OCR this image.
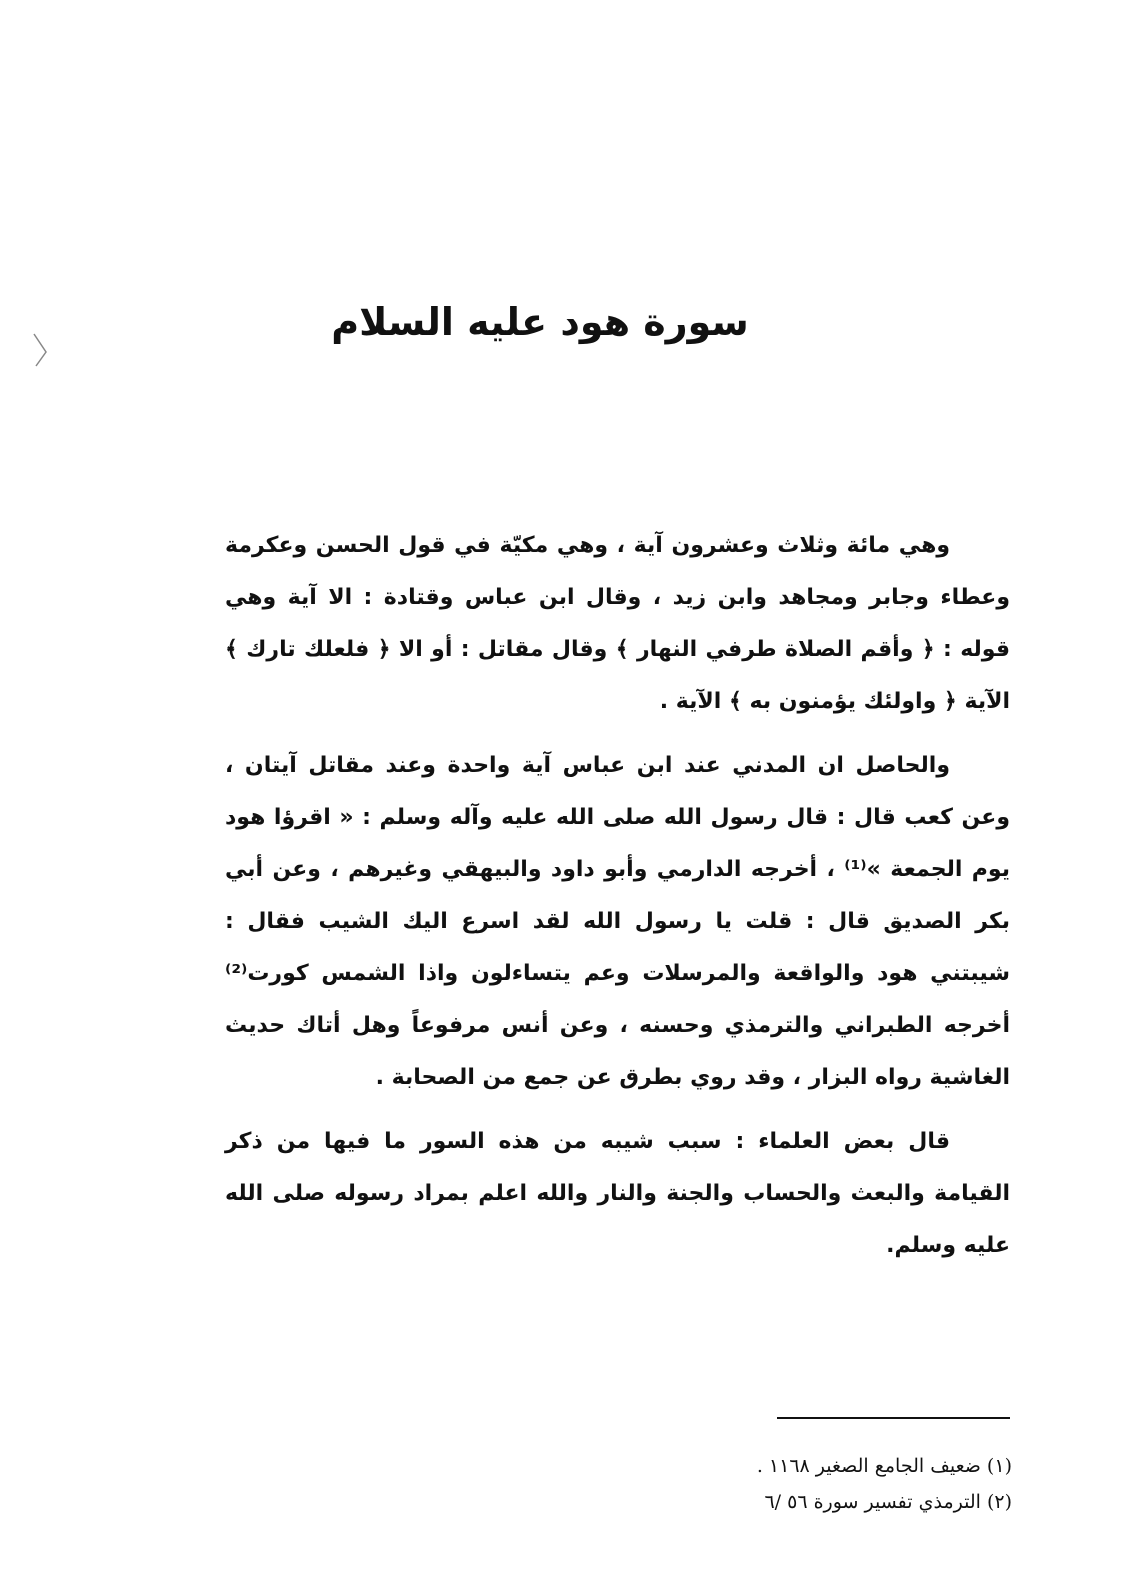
سورة هود عليه السلام

وهي مائة وثلاث وعشرون آية ، وهي مكيّة في قول الحسن وعكرمة وعطاء وجابر ومجاهد وابن زيد ، وقال ابن عباس وقتادة : الا آية وهي قوله : ﴿ وأقم الصلاة طرفي النهار ﴾ وقال مقاتل : أو الا ﴿ فلعلك تارك ﴾ الآية ﴿ واولئك يؤمنون به ﴾ الآية .

والحاصل ان المدني عند ابن عباس آية واحدة وعند مقاتل آيتان ، وعن كعب قال : قال رسول الله صلى الله عليه وآله وسلم : « اقرؤا هود يوم الجمعة »⁽¹⁾ ، أخرجه الدارمي وأبو داود والبيهقي وغيرهم ، وعن أبي بكر الصديق قال : قلت يا رسول الله لقد اسرع اليك الشيب فقال : شيبتني هود والواقعة والمرسلات وعم يتساءلون واذا الشمس كورت⁽²⁾ أخرجه الطبراني والترمذي وحسنه ، وعن أنس مرفوعاً وهل أتاك حديث الغاشية رواه البزار ، وقد روي بطرق عن جمع من الصحابة .

قال بعض العلماء : سبب شيبه من هذه السور ما فيها من ذكر القيامة والبعث والحساب والجنة والنار والله اعلم بمراد رسوله صلى الله عليه وسلم.

(١) ضعيف الجامع الصغير ١١٦٨ .
(٢) الترمذي تفسير سورة ٥٦ /٦
